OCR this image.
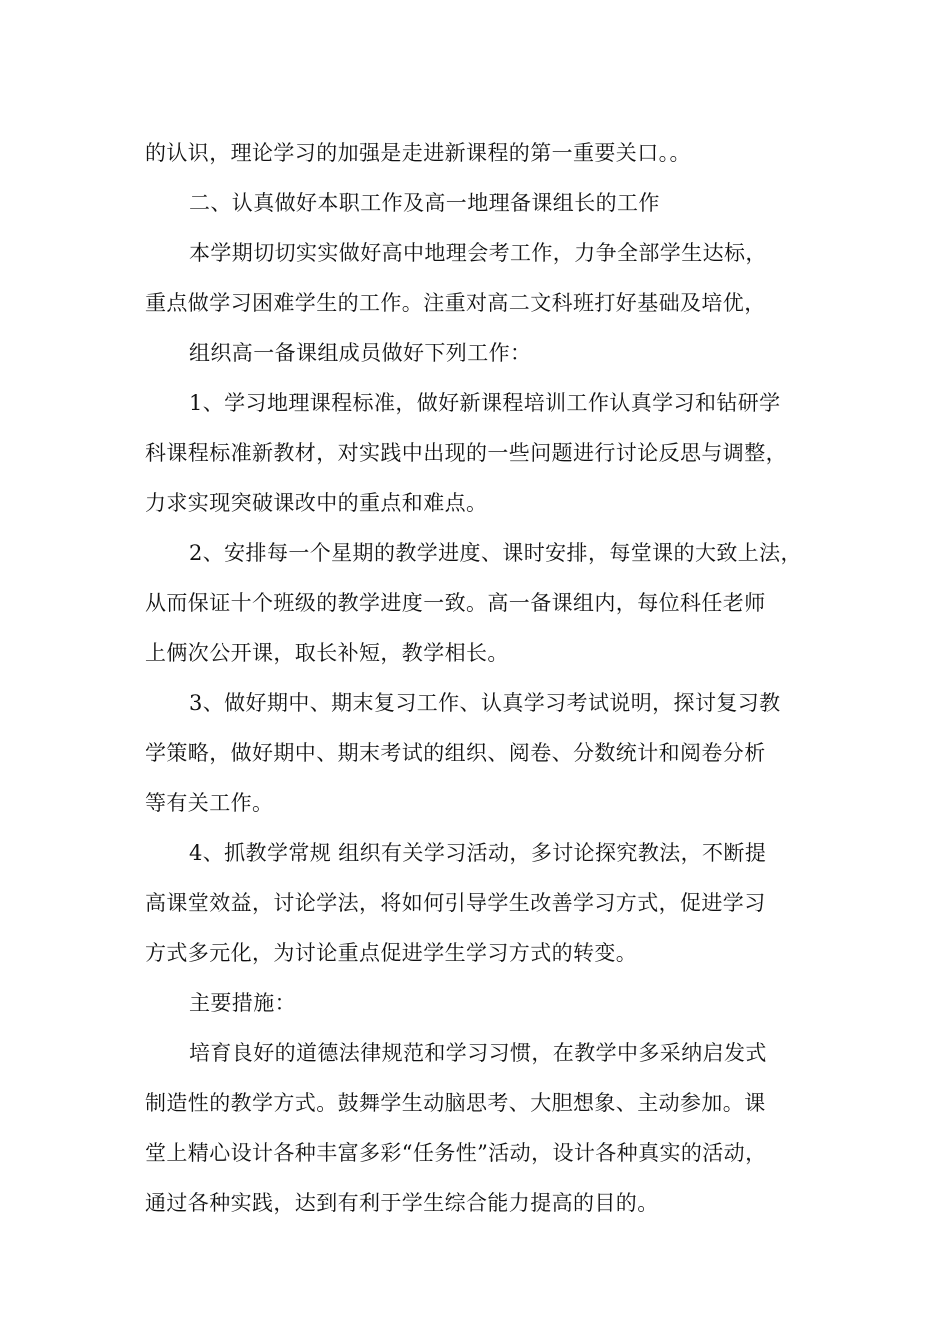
的认识，理论学习的加强是走进新课程的第一重要关口。。
二、认真做好本职工作及高一地理备课组长的工作
本学期切切实实做好高中地理会考工作，力争全部学生达标，
重点做学习困难学生的工作。注重对高二文科班打好基础及培优，
组织高一备课组成员做好下列工作：
1、学习地理课程标准，做好新课程培训工作认真学习和钻研学
科课程标准新教材，对实践中出现的一些问题进行讨论反思与调整，
力求实现突破课改中的重点和难点。
2、安排每一个星期的教学进度、课时安排，每堂课的大致上法，
从而保证十个班级的教学进度一致。高一备课组内，每位科任老师
上俩次公开课，取长补短，教学相长。
3、做好期中、期末复习工作、认真学习考试说明，探讨复习教
学策略，做好期中、期末考试的组织、阅卷、分数统计和阅卷分析
等有关工作。
4、抓教学常规 组织有关学习活动，多讨论探究教法，不断提
高课堂效益，讨论学法，将如何引导学生改善学习方式，促进学习
方式多元化，为讨论重点促进学生学习方式的转变。
主要措施：
培育良好的道德法律规范和学习习惯，在教学中多采纳启发式
制造性的教学方式。鼓舞学生动脑思考、大胆想象、主动参加。课
堂上精心设计各种丰富多彩“任务性”活动，设计各种真实的活动，
通过各种实践，达到有利于学生综合能力提高的目的。
